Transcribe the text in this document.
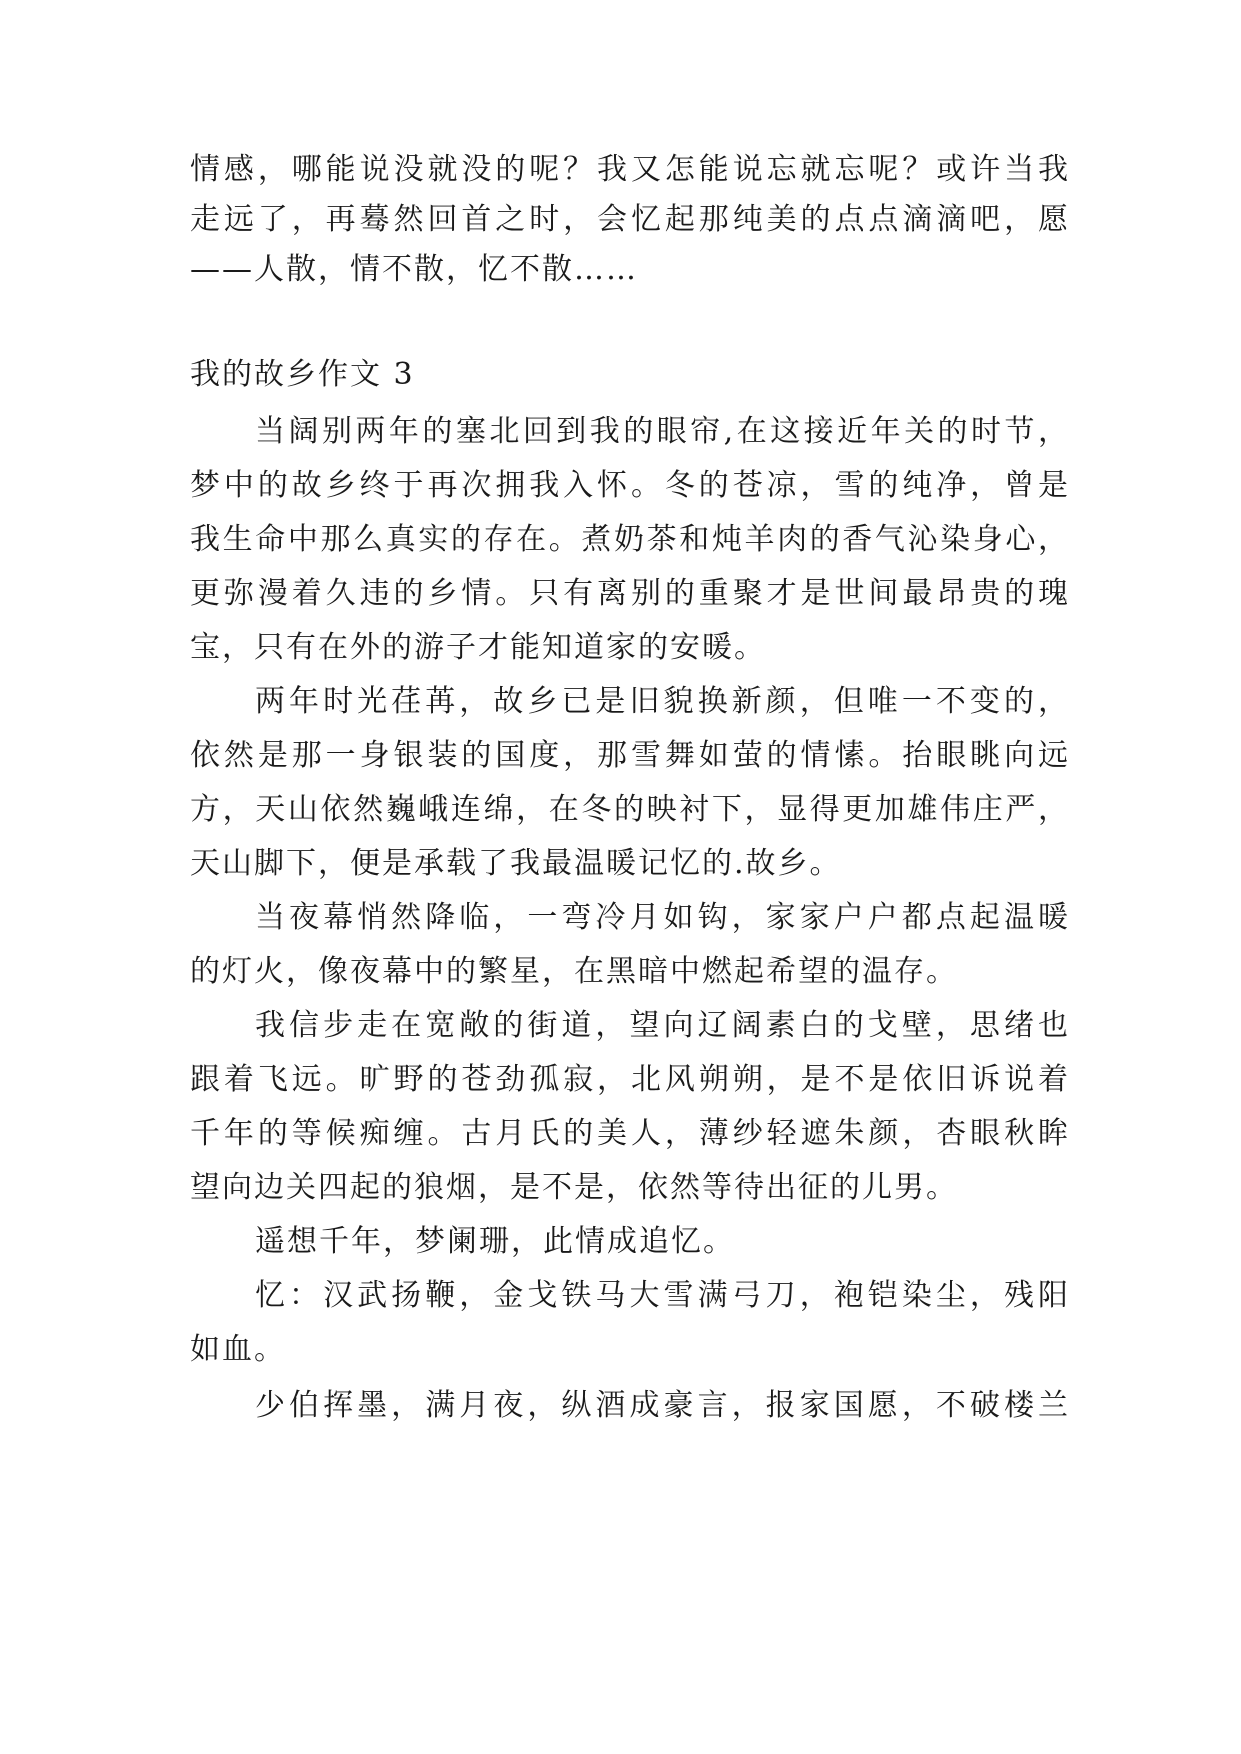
情感，哪能说没就没的呢？我又怎能说忘就忘呢？或许当我
走远了，再蓦然回首之时，会忆起那纯美的点点滴滴吧，愿
——人散，情不散，忆不散……
我的故乡作文 3
当阔别两年的塞北回到我的眼帘,在这接近年关的时节，
梦中的故乡终于再次拥我入怀。冬的苍凉，雪的纯净，曾是
我生命中那么真实的存在。煮奶茶和炖羊肉的香气沁染身心，
更弥漫着久违的乡情。只有离别的重聚才是世间最昂贵的瑰
宝，只有在外的游子才能知道家的安暖。
两年时光荏苒，故乡已是旧貌换新颜，但唯一不变的，
依然是那一身银装的国度，那雪舞如萤的情愫。抬眼眺向远
方，天山依然巍峨连绵，在冬的映衬下，显得更加雄伟庄严，
天山脚下，便是承载了我最温暖记忆的.故乡。
当夜幕悄然降临，一弯冷月如钩，家家户户都点起温暖
的灯火，像夜幕中的繁星，在黑暗中燃起希望的温存。
我信步走在宽敞的街道，望向辽阔素白的戈壁，思绪也
跟着飞远。旷野的苍劲孤寂，北风朔朔，是不是依旧诉说着
千年的等候痴缠。古月氏的美人，薄纱轻遮朱颜，杏眼秋眸
望向边关四起的狼烟，是不是，依然等待出征的儿男。
遥想千年，梦阑珊，此情成追忆。
忆：汉武扬鞭，金戈铁马大雪满弓刀，袍铠染尘，残阳
如血。
少伯挥墨，满月夜，纵酒成豪言，报家国愿，不破楼兰
